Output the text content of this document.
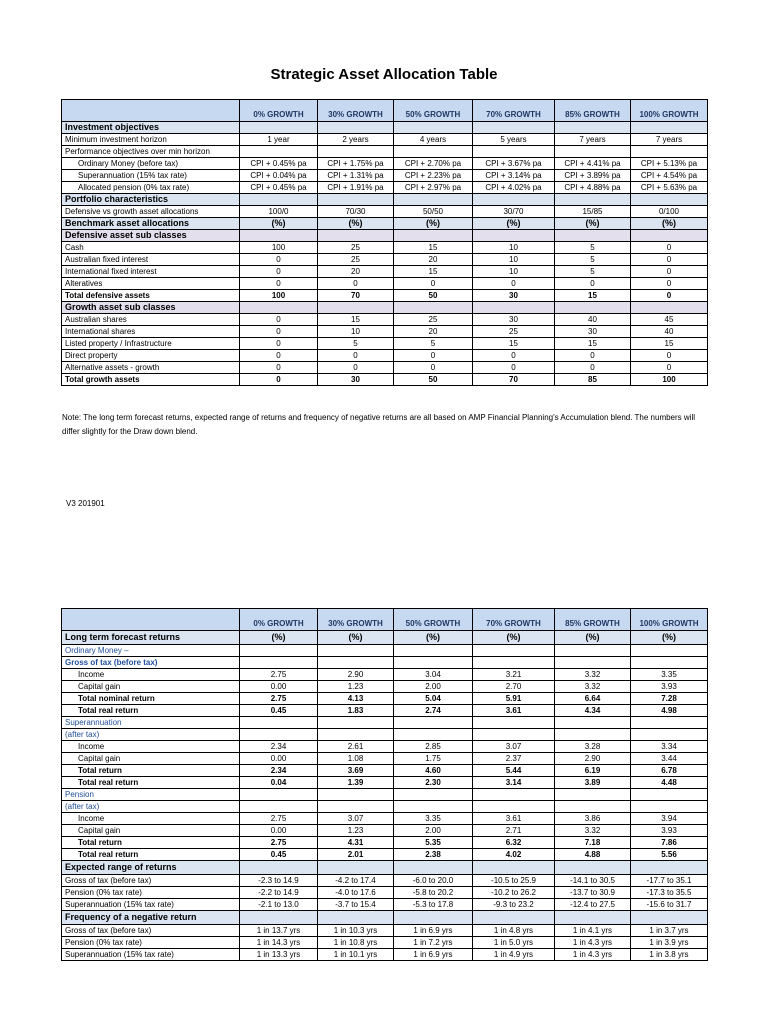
Strategic Asset Allocation Table
	0% GROWTH	30% GROWTH	50% GROWTH	70% GROWTH	85% GROWTH	100% GROWTH
Investment objectives						
Minimum investment horizon	1 year	2 years	4 years	5 years	7 years	7 years
Performance objectives over min horizon						
Ordinary Money (before tax)	CPI + 0.45% pa	CPI + 1.75% pa	CPI + 2.70% pa	CPI + 3.67% pa	CPI + 4.41% pa	CPI + 5.13% pa
Superannuation (15% tax rate)	CPI + 0.04% pa	CPI + 1.31% pa	CPI + 2.23% pa	CPI + 3.14% pa	CPI + 3.89% pa	CPI + 4.54% pa
Allocated pension (0% tax rate)	CPI + 0.45% pa	CPI + 1.91% pa	CPI + 2.97% pa	CPI + 4.02% pa	CPI + 4.88% pa	CPI + 5.63% pa
Portfolio characteristics						
Defensive vs growth asset allocations	100/0	70/30	50/50	30/70	15/85	0/100
Benchmark asset allocations	(%)	(%)	(%)	(%)	(%)	(%)
Defensive asset sub classes						
Cash	100	25	15	10	5	0
Australian fixed interest	0	25	20	10	5	0
International fixed interest	0	20	15	10	5	0
Alteratives	0	0	0	0	0	0
Total defensive assets	100	70	50	30	15	0
Growth asset sub classes						
Australian shares	0	15	25	30	40	45
International shares	0	10	20	25	30	40
Listed property / Infrastructure	0	5	5	15	15	15
Direct property	0	0	0	0	0	0
Alternative assets - growth	0	0	0	0	0	0
Total growth assets	0	30	50	70	85	100

Note: The long term forecast returns, expected range of returns and frequency of negative returns are all based on AMP Financial Planning's Accumulation blend. The numbers will differ slightly for the Draw down blend.

V3 201901

	0% GROWTH	30% GROWTH	50% GROWTH	70% GROWTH	85% GROWTH	100% GROWTH
Long term forecast returns	(%)	(%)	(%)	(%)	(%)	(%)
Ordinary Money –						
Gross of tax (before tax)						
Income	2.75	2.90	3.04	3.21	3.32	3.35
Capital gain	0.00	1.23	2.00	2.70	3.32	3.93
Total nominal return	2.75	4.13	5.04	5.91	6.64	7.28
Total real return	0.45	1.83	2.74	3.61	4.34	4.98
Superannuation						
(after tax)						
Income	2.34	2.61	2.85	3.07	3.28	3.34
Capital gain	0.00	1.08	1.75	2.37	2.90	3.44
Total return	2.34	3.69	4.60	5.44	6.19	6.78
Total real return	0.04	1.39	2.30	3.14	3.89	4.48
Pension						
(after tax)						
Income	2.75	3.07	3.35	3.61	3.86	3.94
Capital gain	0.00	1.23	2.00	2.71	3.32	3.93
Total return	2.75	4.31	5.35	6.32	7.18	7.86
Total real return	0.45	2.01	2.38	4.02	4.88	5.56
Expected range of returns						
Gross of tax (before tax)	-2.3 to 14.9	-4.2 to 17.4	-6.0 to 20.0	-10.5 to 25.9	-14.1 to 30.5	-17.7 to 35.1
Pension (0% tax rate)	-2.2 to 14.9	-4.0 to 17.6	-5.8 to 20.2	-10.2 to 26.2	-13.7 to 30.9	-17.3 to 35.5
Superannuation (15% tax rate)	-2.1 to 13.0	-3.7 to 15.4	-5.3 to 17.8	-9.3 to 23.2	-12.4 to 27.5	-15.6 to 31.7
Frequency of a negative return						
Gross of tax (before tax)	1 in 13.7 yrs	1 in 10.3 yrs	1 in 6.9 yrs	1 in 4.8 yrs	1 in 4.1 yrs	1 in 3.7 yrs
Pension (0% tax rate)	1 in 14.3 yrs	1 in 10.8 yrs	1 in 7.2 yrs	1 in 5.0 yrs	1 in 4.3 yrs	1 in 3.9 yrs
Superannuation (15% tax rate)	1 in 13.3 yrs	1 in 10.1 yrs	1 in 6.9 yrs	1 in 4.9 yrs	1 in 4.3 yrs	1 in 3.8 yrs
